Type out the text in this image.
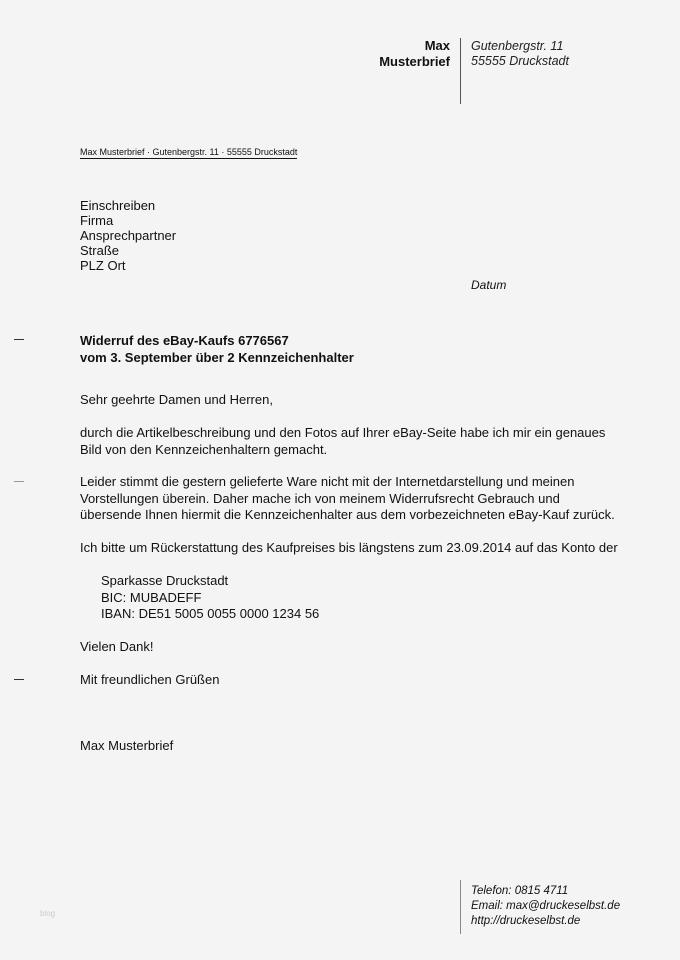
Max
Musterbrief
Gutenbergstr. 11
55555 Druckstadt
Max Musterbrief · Gutenbergstr. 11 · 55555 Druckstadt
Einschreiben
Firma
Ansprechpartner
Straße
PLZ Ort
Datum
Widerruf des eBay-Kaufs 6776567
vom 3. September über 2 Kennzeichenhalter
Sehr geehrte Damen und Herren,
durch die Artikelbeschreibung und den Fotos auf Ihrer eBay-Seite habe ich mir ein genaues Bild von den Kennzeichenhaltern gemacht.
Leider stimmt die gestern gelieferte Ware nicht mit der Internetdarstellung und meinen Vorstellungen überein. Daher mache ich von meinem Widerrufsrecht Gebrauch und übersende Ihnen hiermit die Kennzeichenhalter aus dem vorbezeichneten eBay-Kauf zurück.
Ich bitte um Rückerstattung des Kaufpreises bis längstens zum 23.09.2014 auf das Konto der
Sparkasse Druckstadt
BIC: MUBADEFF
IBAN: DE51 5005 0055 0000 1234 56
Vielen Dank!
Mit freundlichen Grüßen
Max Musterbrief
blog
Telefon: 0815 4711
Email: max@druckeselbst.de
http://druckeselbst.de
